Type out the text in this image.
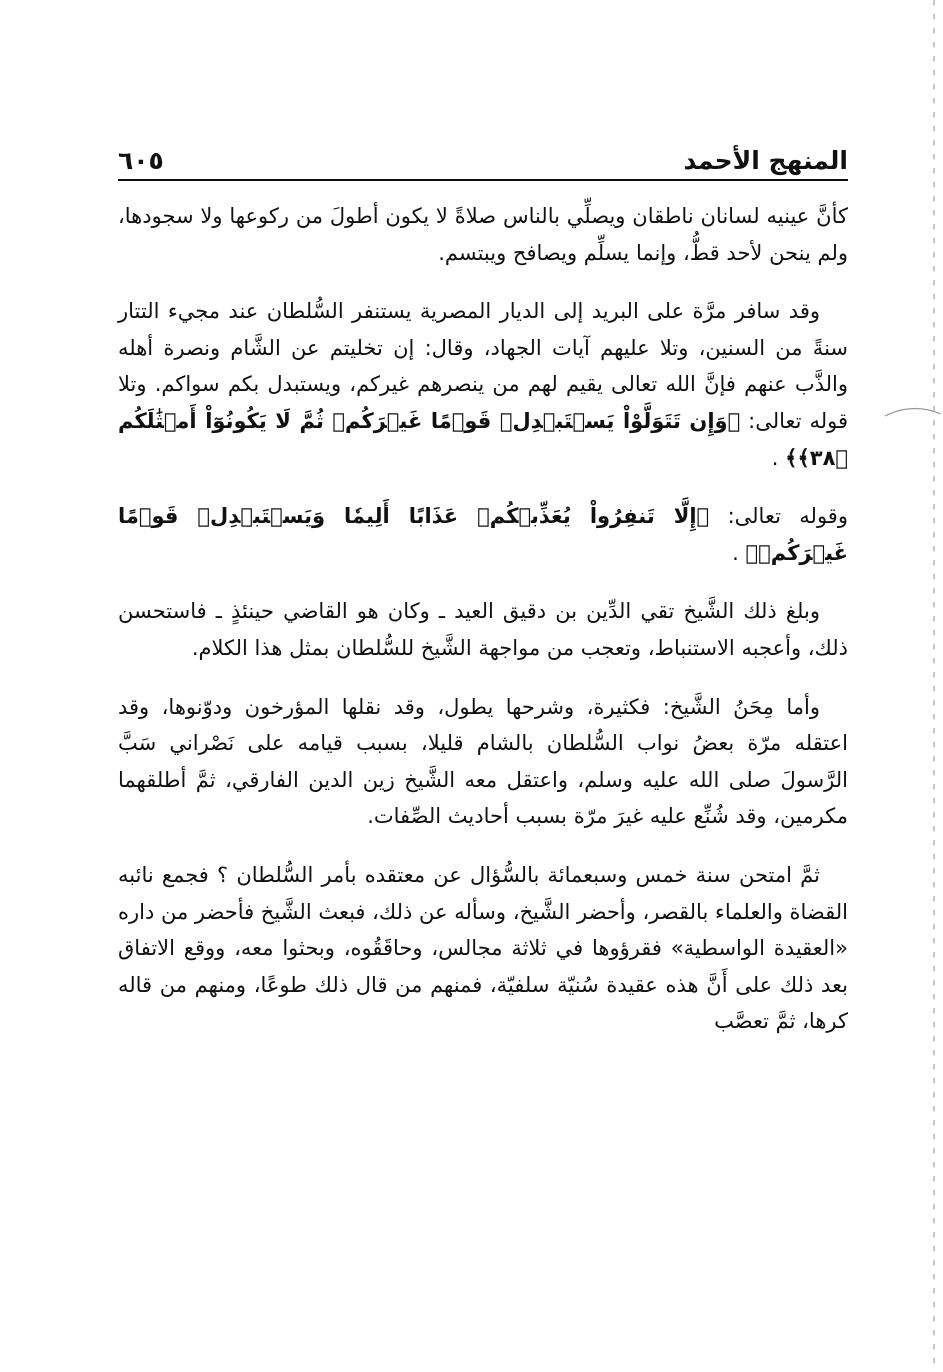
المنهج الأحمد
٦٠٥

كأنَّ عينيه لسانان ناطقان ويصلِّي بالناس صلاةً لا يكون أطولَ من ركوعها ولا سجودها، ولم ينحن لأحد قطُّ، وإنما يسلِّم ويصافح ويبتسم.

وقد سافر مرَّة على البريد إلى الديار المصرية يستنفر السُّلطان عند مجيء التتار سنةً من السنين، وتلا عليهم آيات الجهاد، وقال: إن تخليتم عن الشَّام ونصرة أهله والذَّب عنهم فإنَّ الله تعالى يقيم لهم من ينصرهم غيركم، ويستبدل بكم سواكم. وتلا قوله تعالى: ﴿وَإِن تَتَوَلَّوْاْ يَسۡتَبۡدِلۡ قَوۡمًا غَيۡرَكُمۡ ثُمَّ لَا يَكُونُوٓاْ أَمۡثَٰلَكُم ﴿٣٨﴾﴾ .

وقوله تعالى: ﴿إِلَّا تَنفِرُواْ يُعَذِّبۡكُمۡ عَذَابًا أَلِيمٗا وَيَسۡتَبۡدِلۡ قَوۡمًا غَيۡرَكُمۡ﴾ .

وبلغ ذلك الشَّيخ تقي الدِّين بن دقيق العيد ـ وكان هو القاضي حينئذٍ ـ فاستحسن ذلك، وأعجبه الاستنباط، وتعجب من مواجهة الشَّيخ للسُّلطان بمثل هذا الكلام.

وأما مِحَنُ الشَّيخ: فكثيرة، وشرحها يطول، وقد نقلها المؤرخون ودوّنوها، وقد اعتقله مرّة بعضُ نواب السُّلطان بالشام قليلا، بسبب قيامه على نَصْراني سَبَّ الرَّسولَ صلى الله عليه وسلم، واعتقل معه الشَّيخ زين الدين الفارقي، ثمَّ أطلقهما مكرمين، وقد شُنِّع عليه غيرَ مرّة بسبب أحاديث الصِّفات.

ثمَّ امتحن سنة خمس وسبعمائة بالسُّؤال عن معتقده بأمر السُّلطان ؟ فجمع نائبه القضاة والعلماء بالقصر، وأحضر الشَّيخ، وسأله عن ذلك، فبعث الشَّيخ فأحضر من داره «العقيدة الواسطية» فقرؤوها في ثلاثة مجالس، وحاقَقُوه، وبحثوا معه، ووقع الاتفاق بعد ذلك على أَنَّ هذه عقيدة سُنيّة سلفيّة، فمنهم من قال ذلك طوعًا، ومنهم من قاله كرها، ثمَّ تعصَّب
